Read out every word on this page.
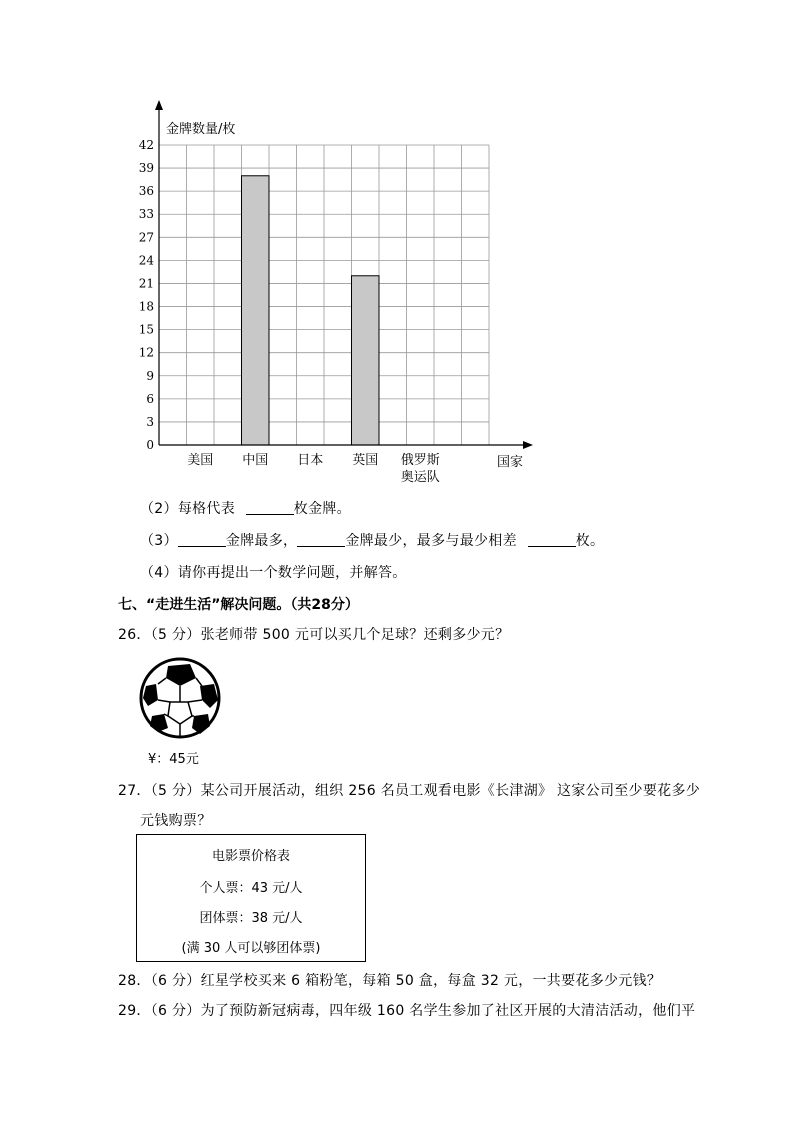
0
3
6
9
12
15
18
21
24
27
33
36
39
42
美国 中国 日本 英国 俄罗斯
奥运队
金牌数量/枚
国家
（2）每格代表	枚金牌。
（3）	金牌最多，	金牌最少，最多与最少相差	枚。
（4）请你再提出一个数学问题，并解答。
七、“走进生活”解决问题。（共28分）
26．（5 分）张老师带 500 元可以买几个足球？还剩多少元？
¥：45元
27．（5 分）某公司开展活动，组织 256 名员工观看电影《长津湖》 这家公司至少要花多少
元钱购票？
电影票价格表
个人票：43 元/人
团体票：38 元/人
(满 30 人可以够团体票)
28．（6 分）红星学校买来 6 箱粉笔，每箱 50 盒，每盒 32 元，一共要花多少元钱？
29．（6 分）为了预防新冠病毒，四年级 160 名学生参加了社区开展的大清洁活动，他们平
